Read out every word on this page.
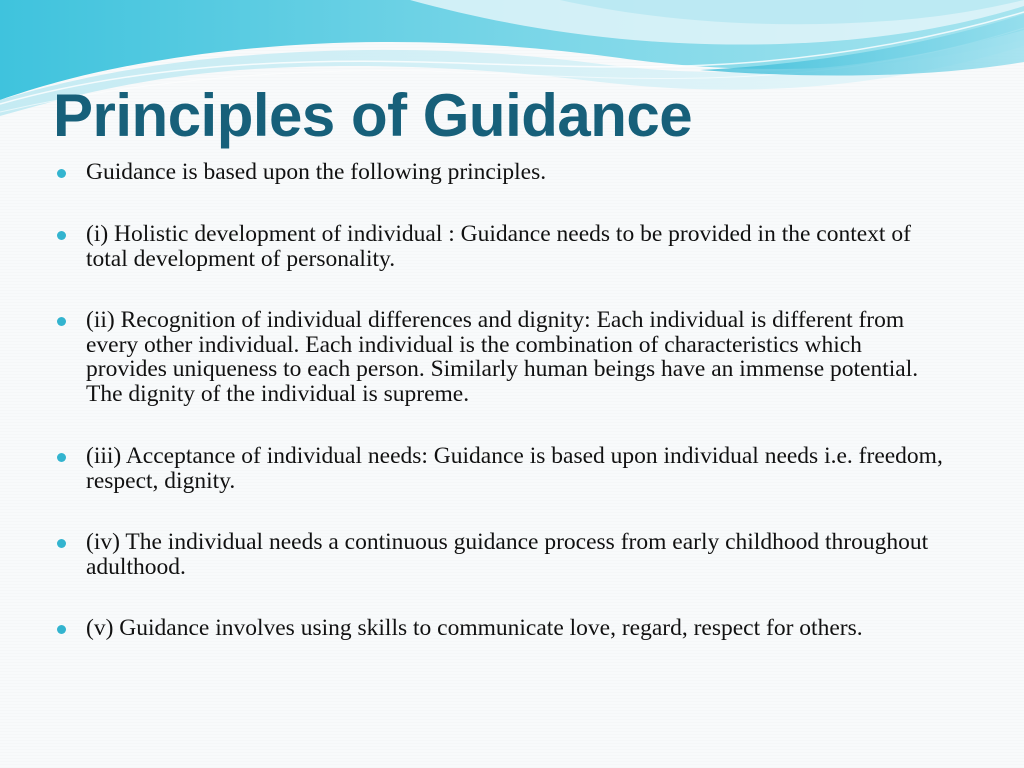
Principles of Guidance
Guidance is based upon the following principles.
(i) Holistic development of individual : Guidance needs to be provided in the context of total development of personality.
(ii) Recognition of individual differences and dignity: Each individual is different from every other individual. Each individual is the combination of characteristics which provides uniqueness to each person. Similarly human beings have an immense potential. The dignity of the individual is supreme.
(iii) Acceptance of individual needs: Guidance is based upon individual needs i.e. freedom, respect, dignity.
(iv) The individual needs a continuous guidance process from early childhood throughout adulthood.
(v) Guidance involves using skills to communicate love, regard, respect for others.
